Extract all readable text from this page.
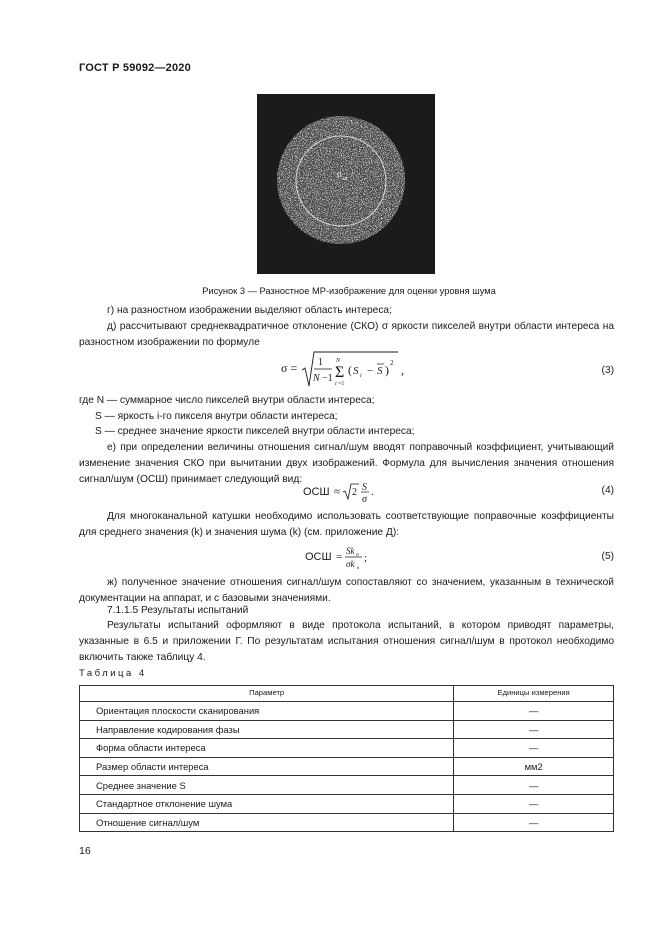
ГОСТ Р 59092—2020
σ ш
Рисунок 3 — Разностное МР-изображение для оценки уровня шума
г) на разностном изображении выделяют область интереса;
д) рассчитывают среднеквадратичное отклонение (СКО) σ яркости пикселей внутри области интереса на разностном изображении по формуле
σ = 1
N −1 Σ
N
i =1
( S i − S ) 2 ,	(3)
где N — суммарное число пикселей внутри области интереса;
S — яркость i-го пикселя внутри области интереса;
S — среднее значение яркости пикселей внутри области интереса;
е) при определении величины отношения сигнал/шум вводят поправочный коэффициент, учитывающий изменение значения СКО при вычитании двух изображений. Формула для вычисления значения отношения сигнал/шум (ОСШ) принимает следующий вид:
ОСШ ≈ 2 S
σ
.	(4)
Для многоканальной катушки необходимо использовать соответствующие поправочные коэффициенты для среднего значения (k) и значения шума (k) (см. приложение Д):
ОСШ = Sk σ
σk s
;	(5)
ж) полученное значение отношения сигнал/шум сопоставляют со значением, указанным в технической документации на аппарат, и с базовыми значениями.
7.1.1.5 Результаты испытаний
Результаты испытаний оформляют в виде протокола испытаний, в котором приводят параметры, указанные в 6.5 и приложении Г. По результатам испытания отношения сигнал/шум в протокол необходимо включить также таблицу 4.
Таблица 4
Параметр	Единицы измерения
Ориентация плоскости сканирования	—
Направление кодирования фазы	—
Форма области интереса	—
Размер области интереса	мм2
Среднее значение S	—
Стандартное отклонение шума	—
Отношение сигнал/шум	—
16
